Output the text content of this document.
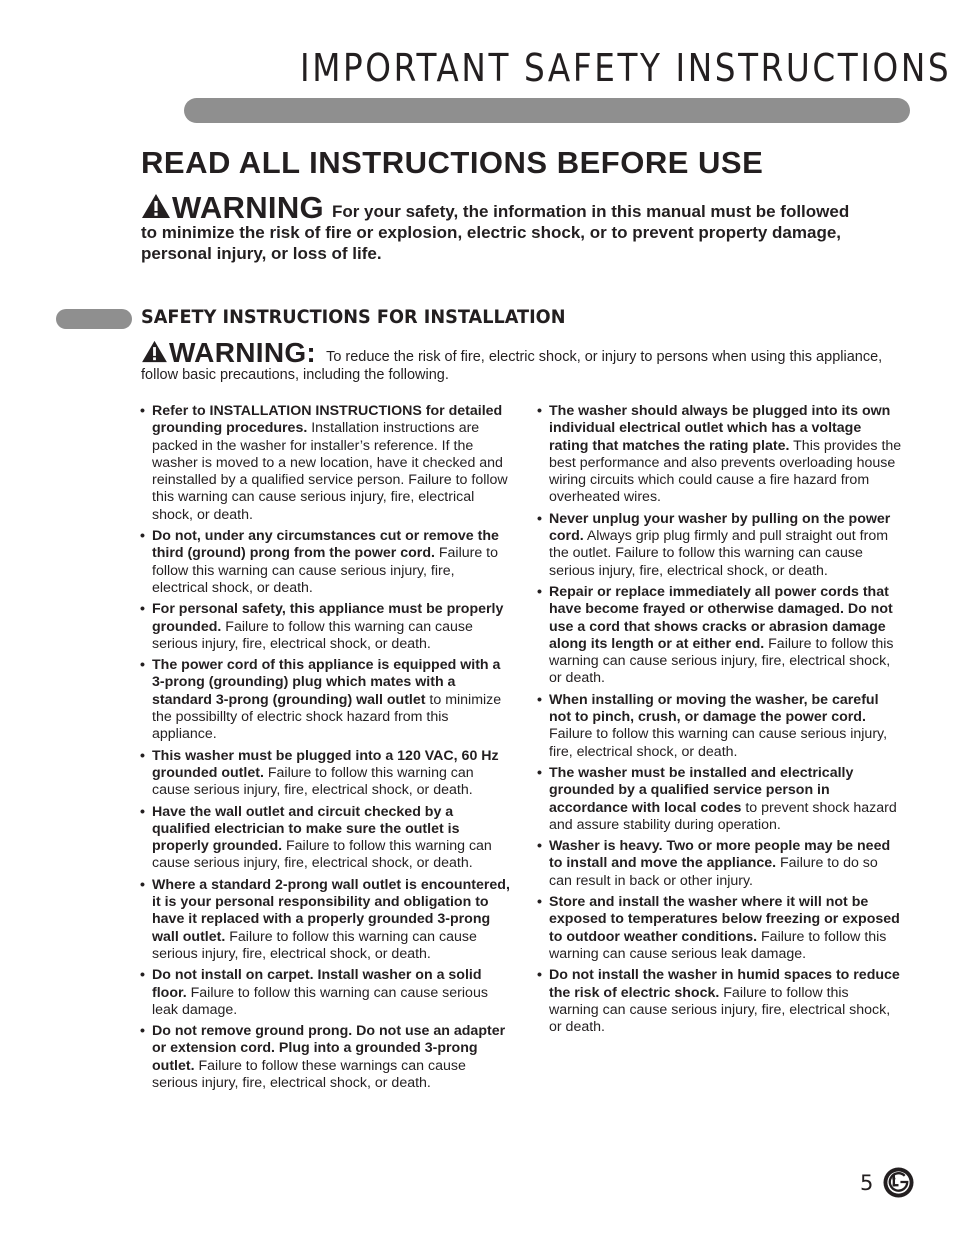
IMPORTANT SAFETY INSTRUCTIONS
READ ALL INSTRUCTIONS BEFORE USE
WARNING For your safety, the information in this manual must be followed to minimize the risk of fire or explosion, electric shock, or to prevent property damage, personal injury, or loss of life.
SAFETY INSTRUCTIONS FOR INSTALLATION
WARNING: To reduce the risk of fire, electric shock, or injury to persons when using this appliance, follow basic precautions, including the following.
• Refer to INSTALLATION INSTRUCTIONS for detailed grounding procedures. Installation instructions are packed in the washer for installer’s reference. If the washer is moved to a new location, have it checked and reinstalled by a qualified service person. Failure to follow this warning can cause serious injury, fire, electrical shock, or death.
• Do not, under any circumstances cut or remove the third (ground) prong from the power cord. Failure to follow this warning can cause serious injury, fire, electrical shock, or death.
• For personal safety, this appliance must be properly grounded. Failure to follow this warning can cause serious injury, fire, electrical shock, or death.
• The power cord of this appliance is equipped with a 3-prong (grounding) plug which mates with a standard 3-prong (grounding) wall outlet to minimize the possibillty of electric shock hazard from this appliance.
• This washer must be plugged into a 120 VAC, 60 Hz grounded outlet. Failure to follow this warning can cause serious injury, fire, electrical shock, or death.
• Have the wall outlet and circuit checked by a qualified electrician to make sure the outlet is properly grounded. Failure to follow this warning can cause serious injury, fire, electrical shock, or death.
• Where a standard 2-prong wall outlet is encountered, it is your personal responsibility and obligation to have it replaced with a properly grounded 3-prong wall outlet. Failure to follow this warning can cause serious injury, fire, electrical shock, or death.
• Do not install on carpet. Install washer on a solid floor. Failure to follow this warning can cause serious leak damage.
• Do not remove ground prong. Do not use an adapter or extension cord. Plug into a grounded 3-prong outlet. Failure to follow these warnings can cause serious injury, fire, electrical shock, or death.
• The washer should always be plugged into its own individual electrical outlet which has a voltage rating that matches the rating plate. This provides the best performance and also prevents overloading house wiring circuits which could cause a fire hazard from overheated wires.
• Never unplug your washer by pulling on the power cord. Always grip plug firmly and pull straight out from the outlet. Failure to follow this warning can cause serious injury, fire, electrical shock, or death.
• Repair or replace immediately all power cords that have become frayed or otherwise damaged. Do not use a cord that shows cracks or abrasion damage along its length or at either end. Failure to follow this warning can cause serious injury, fire, electrical shock, or death.
• When installing or moving the washer, be careful not to pinch, crush, or damage the power cord. Failure to follow this warning can cause serious injury, fire, electrical shock, or death.
• The washer must be installed and electrically grounded by a qualified service person in accordance with local codes to prevent shock hazard and assure stability during operation.
• Washer is heavy. Two or more people may be need to install and move the appliance. Failure to do so can result in back or other injury.
• Store and install the washer where it will not be exposed to temperatures below freezing or exposed to outdoor weather conditions. Failure to follow this warning can cause serious leak damage.
• Do not install the washer in humid spaces to reduce the risk of electric shock. Failure to follow this warning can cause serious injury, fire, electrical shock, or death.
5
